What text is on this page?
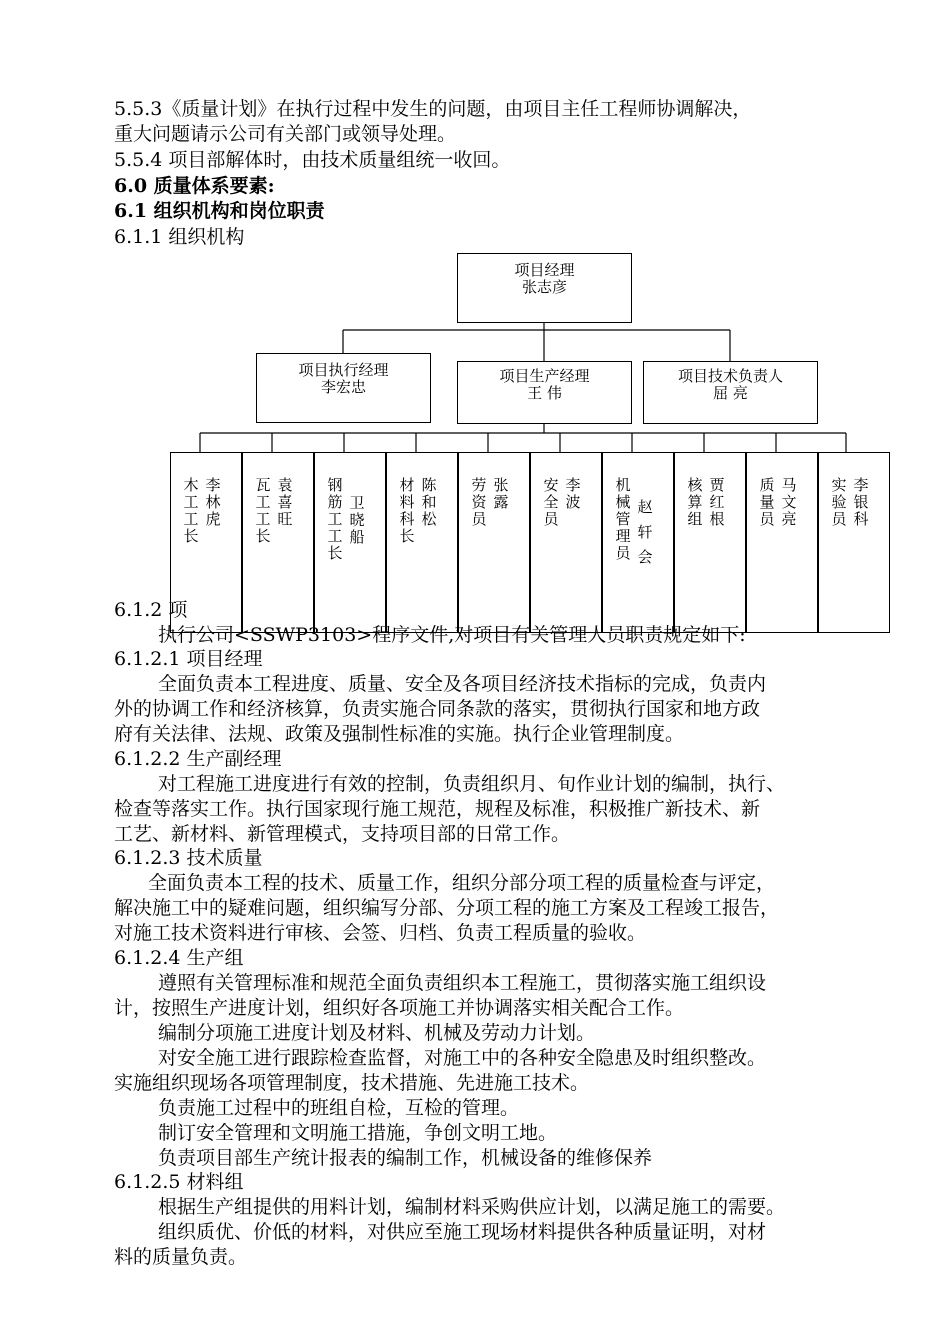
5.5.3《质量计划》在执行过程中发生的问题，由项目主任工程师协调解决，
重大问题请示公司有关部门或领导处理。
5.5.4 项目部解体时，由技术质量组统一收回。
6.0 质量体系要素:
6.1 组织机构和岗位职责
6.1.1 组织机构
6.1.2 项
执行公司<SSWP3103>程序文件,对项目有关管理人员职责规定如下:
项目经理
张志彦
项目执行经理
李宏忠
项目生产经理
王 伟
项目技术负责人
屈 亮
木工工长
李林虎
瓦工工长
袁喜旺
钢筋工工长
卫晓船
材料科长
陈和松
劳资员
张露
安全员
李波
机械管理员
赵轩会
核算组
贾红根
质量员
马文亮
实验员
李银科
6.1.2.1 项目经理
全面负责本工程进度、质量、安全及各项目经济技术指标的完成，负责内
外的协调工作和经济核算，负责实施合同条款的落实，贯彻执行国家和地方政
府有关法律、法规、政策及强制性标准的实施。执行企业管理制度。
6.1.2.2 生产副经理
对工程施工进度进行有效的控制，负责组织月、旬作业计划的编制，执行、
检查等落实工作。执行国家现行施工规范，规程及标准，积极推广新技术、新
工艺、新材料、新管理模式，支持项目部的日常工作。
6.1.2.3 技术质量
全面负责本工程的技术、质量工作，组织分部分项工程的质量检查与评定，
解决施工中的疑难问题，组织编写分部、分项工程的施工方案及工程竣工报告，
对施工技术资料进行审核、会签、归档、负责工程质量的验收。
6.1.2.4 生产组
遵照有关管理标准和规范全面负责组织本工程施工，贯彻落实施工组织设
计，按照生产进度计划，组织好各项施工并协调落实相关配合工作。
编制分项施工进度计划及材料、机械及劳动力计划。
对安全施工进行跟踪检查监督，对施工中的各种安全隐患及时组织整改。
实施组织现场各项管理制度，技术措施、先进施工技术。
负责施工过程中的班组自检，互检的管理。
制订安全管理和文明施工措施，争创文明工地。
负责项目部生产统计报表的编制工作，机械设备的维修保养
6.1.2.5 材料组
根据生产组提供的用料计划，编制材料采购供应计划，以满足施工的需要。
组织质优、价低的材料，对供应至施工现场材料提供各种质量证明，对材
料的质量负责。
